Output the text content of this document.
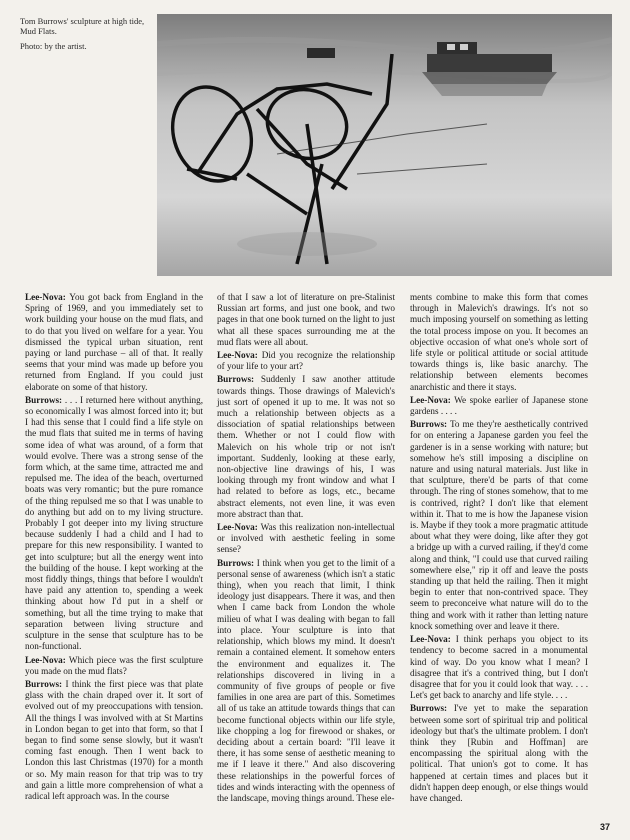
Tom Burrows' sculpture at high tide, Mud Flats.

Photo: by the artist.

Lee-Nova: You got back from England in the Spring of 1969, and you immediately set to work building your house on the mud flats, and to do that you lived on welfare for a year. You dismissed the typical urban situation, rent paying or land purchase – all of that. It really seems that your mind was made up before you returned from England. If you could just elaborate on some of that history.

Burrows: . . . I returned here without anything, so economically I was almost forced into it; but I had this sense that I could find a life style on the mud flats that suited me in terms of having some idea of what was around, of a form that would evolve. There was a strong sense of the form which, at the same time, attracted me and repulsed me. The idea of the beach, overturned boats was very romantic; but the pure romance of the thing repulsed me so that I was unable to do anything but add on to my living structure. Probably I got deeper into my living structure because suddenly I had a child and I had to prepare for this new responsibility. I wanted to get into sculpture; but all the energy went into the building of the house. I kept working at the most fiddly things, things that before I wouldn't have paid any attention to, spending a week thinking about how I'd put in a shelf or something, but all the time trying to make that separation between living structure and sculpture in the sense that sculpture has to be non-functional.

Lee-Nova: Which piece was the first sculpture you made on the mud flats?

Burrows: I think the first piece was that plate glass with the chain draped over it. It sort of evolved out of my preoccupations with tension. All the things I was involved with at St Martins in London began to get into that form, so that I began to find some sense slowly, but it wasn't coming fast enough. Then I went back to London this last Christmas (1970) for a month or so. My main reason for that trip was to try and gain a little more comprehension of what a radical left approach was. In the course

of that I saw a lot of literature on pre-Stalinist Russian art forms, and just one book, and two pages in that one book turned on the light to just what all these spaces surrounding me at the mud flats were all about.

Lee-Nova: Did you recognize the relationship of your life to your art?

Burrows: Suddenly I saw another attitude towards things. Those drawings of Malevich's just sort of opened it up to me. It was not so much a relationship between objects as a dissociation of spatial relationships between them. Whether or not I could flow with Malevich on his whole trip or not isn't important. Suddenly, looking at these early, non-objective line drawings of his, I was looking through my front window and what I had related to before as logs, etc., became abstract elements, not even line, it was even more abstract than that.

Lee-Nova: Was this realization non-intellectual or involved with aesthetic feeling in some sense?

Burrows: I think when you get to the limit of a personal sense of awareness (which isn't a static thing), when you reach that limit, I think ideology just disappears. There it was, and then when I came back from London the whole milieu of what I was dealing with began to fall into place. Your sculpture is into that relationship, which blows my mind. It doesn't remain a contained element. It somehow enters the environment and equalizes it. The relationships discovered in living in a community of five groups of people or five families in one area are part of this. Sometimes all of us take an attitude towards things that can become functional objects within our life style, like chopping a log for firewood or shakes, or deciding about a certain board: "I'll leave it there, it has some sense of aesthetic meaning to me if I leave it there." And also discovering these relationships in the powerful forces of tides and winds interacting with the openness of the landscape, moving things around. These ele-

ments combine to make this form that comes through in Malevich's drawings. It's not so much imposing yourself on something as letting the total process impose on you. It becomes an objective occasion of what one's whole sort of life style or political attitude or social attitude towards things is, like basic anarchy. The relationship between elements becomes anarchistic and there it stays.

Lee-Nova: We spoke earlier of Japanese stone gardens . . . .

Burrows: To me they're aesthetically contrived for on entering a Japanese garden you feel the gardener is in a sense working with nature; but somehow he's still imposing a discipline on nature and using natural materials. Just like in that sculpture, there'd be parts of that come through. The ring of stones somehow, that to me is contrived, right? I don't like that element within it. That to me is how the Japanese vision is. Maybe if they took a more pragmatic attitude about what they were doing, like after they got a bridge up with a curved railing, if they'd come along and think, "I could use that curved railing somewhere else," rip it off and leave the posts standing up that held the railing. Then it might begin to enter that non-contrived space. They seem to preconceive what nature will do to the thing and work with it rather than letting nature knock something over and leave it there.

Lee-Nova: I think perhaps you object to its tendency to become sacred in a monumental kind of way. Do you know what I mean? I disagree that it's a contrived thing, but I don't disagree that for you it could look that way. . . . Let's get back to anarchy and life style. . . .

Burrows: I've yet to make the separation between some sort of spiritual trip and political ideology but that's the ultimate problem. I don't think they [Rubin and Hoffman] are encompassing the spiritual along with the political. That union's got to come. It has happened at certain times and places but it didn't happen deep enough, or else things would have changed.

37
